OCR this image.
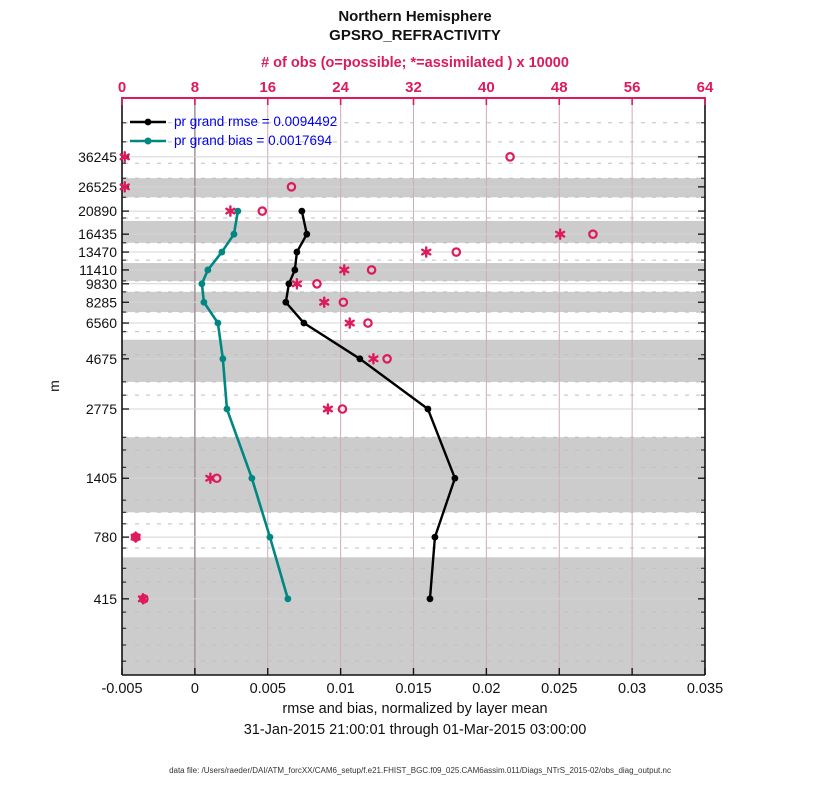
Northern Hemisphere
GPSRO_REFRACTIVITY
# of obs (o=possible; *=assimilated ) x 10000
-0.005	0	0.005	0.01	0.015	0.02	0.025	0.03	0.035
0	8	16	24	32	40	48	56	64
36245
26525
20890
16435
13470
11410
9830
8285
6560
4675
2775
1405
780
415
pr grand rmse = 0.0094492
pr grand bias = 0.0017694
m
rmse and bias, normalized by layer mean
31-Jan-2015 21:00:01 through 01-Mar-2015 03:00:00
data file: /Users/raeder/DAI/ATM_forcXX/CAM6_setup/f.e21.FHIST_BGC.f09_025.CAM6assim.011/Diags_NTrS_2015-02/obs_diag_output.nc
